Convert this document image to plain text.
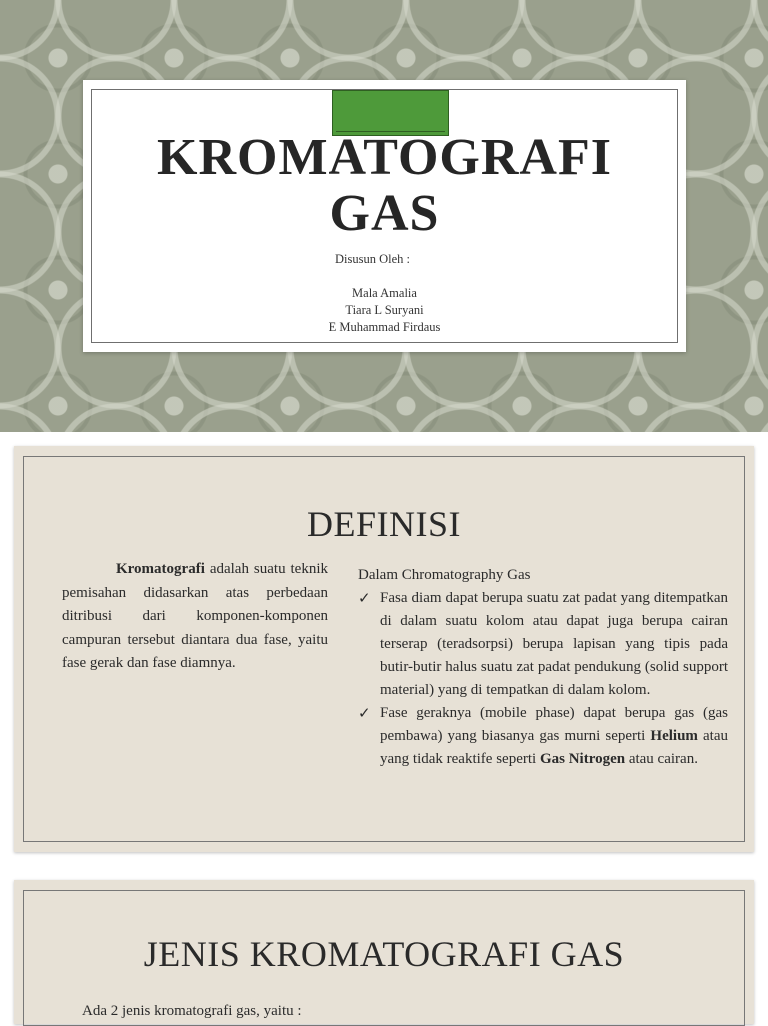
KROMATOGRAFI
GAS
Disusun Oleh :
Mala Amalia
Tiara L Suryani
E Muhammad Firdaus
DEFINISI
Kromatografi adalah suatu teknik pemisahan didasarkan atas perbedaan ditribusi dari komponen-komponen campuran tersebut diantara dua fase, yaitu fase gerak dan fase diamnya.
Dalam Chromatography Gas
✓ Fasa diam dapat berupa suatu zat padat yang ditempatkan di dalam suatu kolom atau dapat juga berupa cairan terserap (teradsorpsi) berupa lapisan yang tipis pada butir-butir halus suatu zat padat pendukung (solid support material) yang di tempatkan di dalam kolom.
✓ Fase geraknya (mobile phase) dapat berupa gas (gas pembawa) yang biasanya gas murni seperti Helium atau yang tidak reaktife seperti Gas Nitrogen atau cairan.
JENIS KROMATOGRAFI GAS
Ada 2 jenis kromatografi gas, yaitu :
